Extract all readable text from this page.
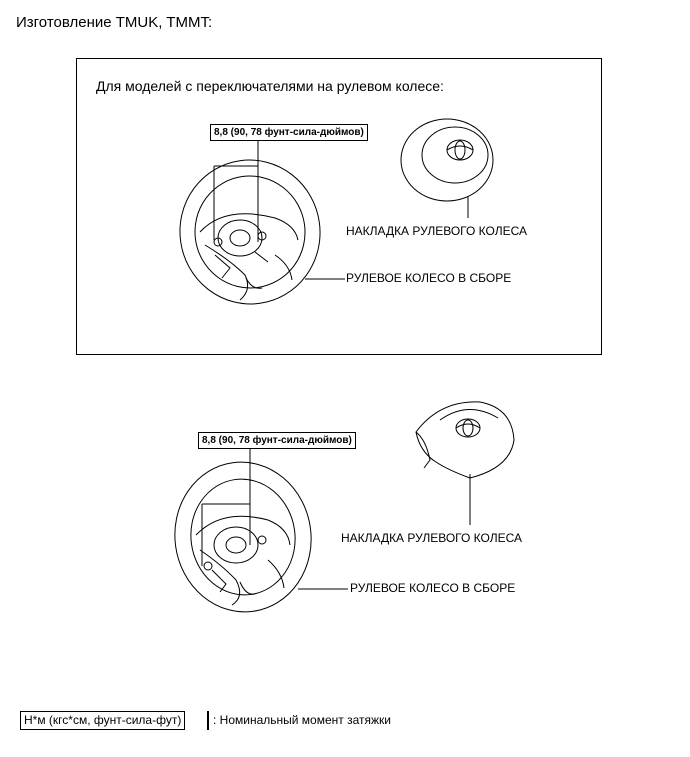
Изготовление TMUK, TMMT:
Для моделей с переключателями на рулевом колесе:
8,8 (90, 78 фунт-сила-дюймов)
НАКЛАДКА РУЛЕВОГО КОЛЕСА
РУЛЕВОЕ КОЛЕСО В СБОРЕ
8,8 (90, 78 фунт-сила-дюймов)
НАКЛАДКА РУЛЕВОГО КОЛЕСА
РУЛЕВОЕ КОЛЕСО В СБОРЕ
Н*м (кгс*см, фунт-сила-фут)	: Номинальный момент затяжки
